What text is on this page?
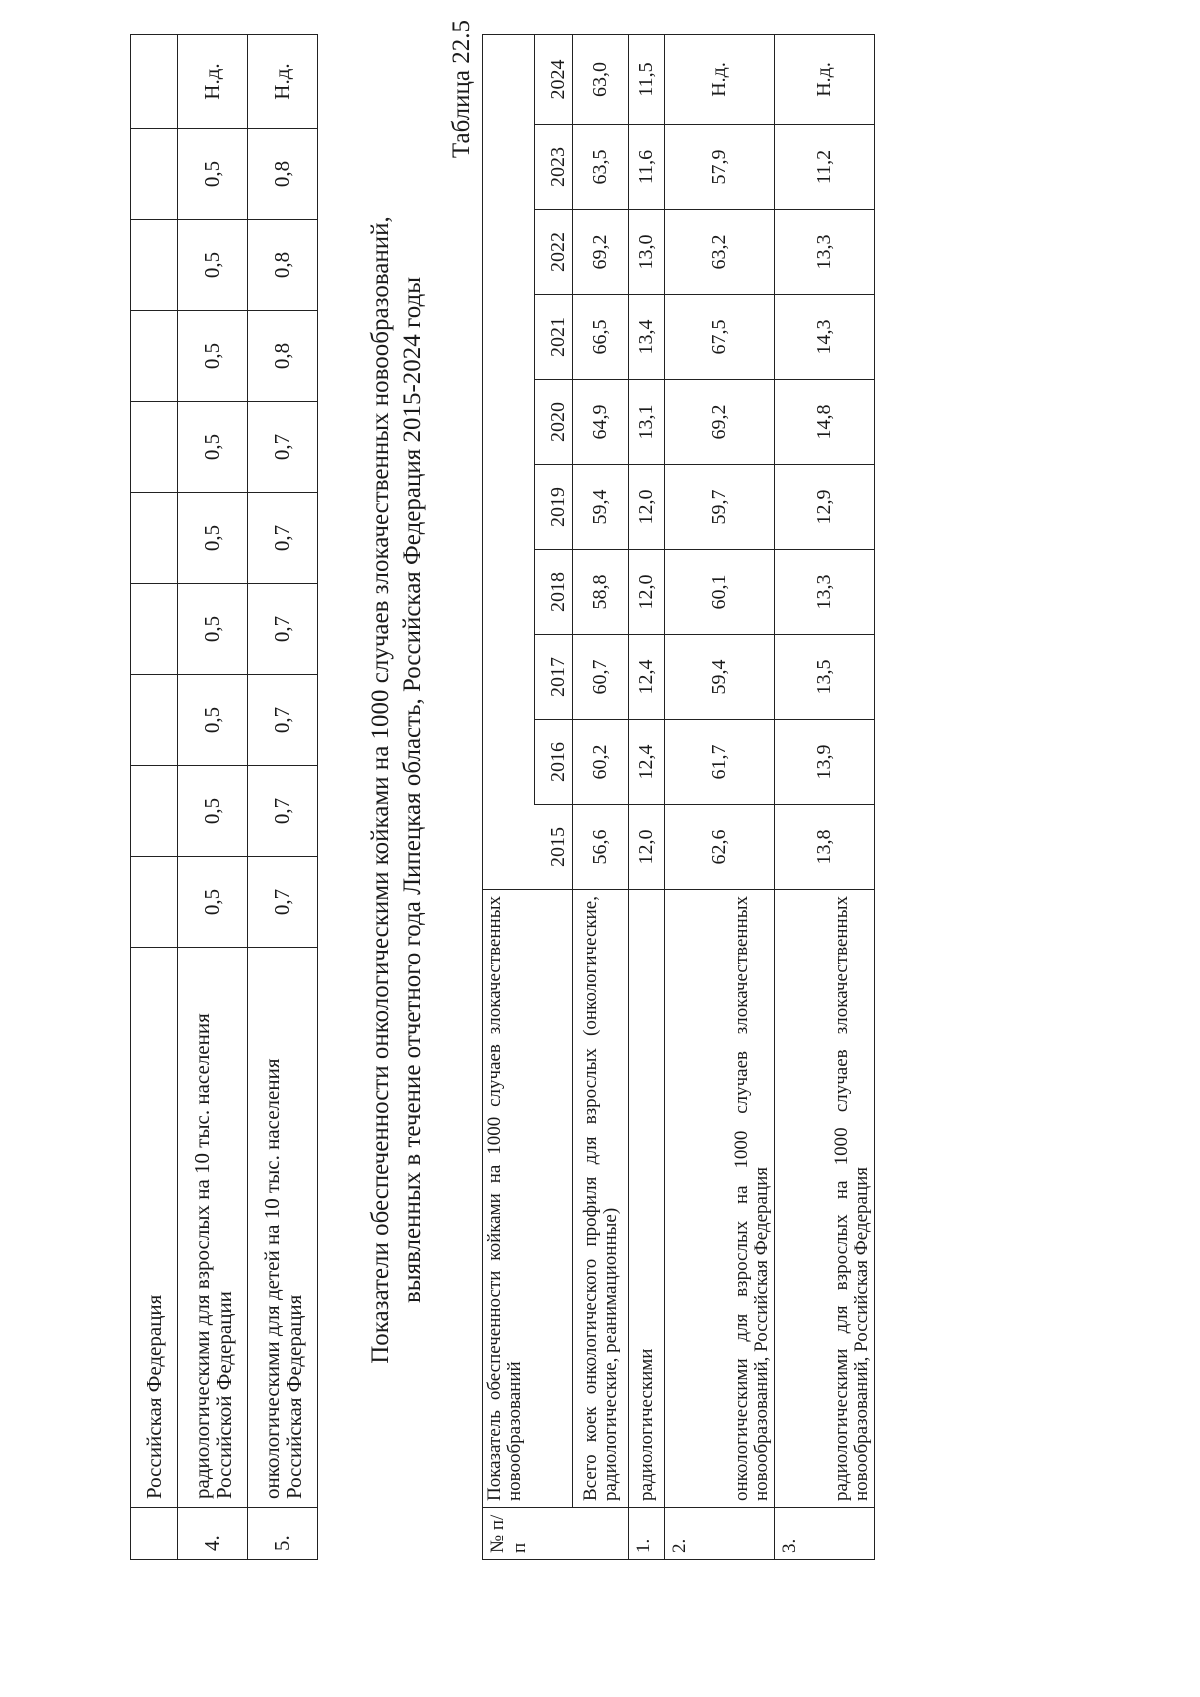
	Российская Федерация										
4.	радиологическими для взрослых на 10 тыс. населения Российской Федерации	0,5	0,5	0,5	0,5	0,5	0,5	0,5	0,5	0,5	Н.д.
5.	онкологическими для детей на 10 тыс. населения Российская Федерация	0,7	0,7	0,7	0,7	0,7	0,7	0,8	0,8	0,8	Н.д.
Показатели обеспеченности онкологическими койками на 1000 случаев злокачественных новообразований, выявленных в течение отчетного года Липецкая область, Российская Федерация 2015-2024 годы
Таблица 22.5
№ п/п	Показатель обеспеченности койками на 1000 случаев злокачественных новообразований										
		2015	2016	2017	2018	2019	2020	2021	2022	2023	2024
	Всего коек онкологического профиля для взрослых (онкологические, радиологические, реанимационные)	56,6	60,2	60,7	58,8	59,4	64,9	66,5	69,2	63,5	63,0
1.	радиологическими	12,0	12,4	12,4	12,0	12,0	13,1	13,4	13,0	11,6	11,5
2.	онкологическими для взрослых на 1000 случаев злокачественных новообразований, Российская Федерация	62,6	61,7	59,4	60,1	59,7	69,2	67,5	63,2	57,9	Н.д.
3.	радиологическими для взрослых на 1000 случаев злокачественных новообразований, Российская Федерация	13,8	13,9	13,5	13,3	12,9	14,8	14,3	13,3	11,2	Н.д.
